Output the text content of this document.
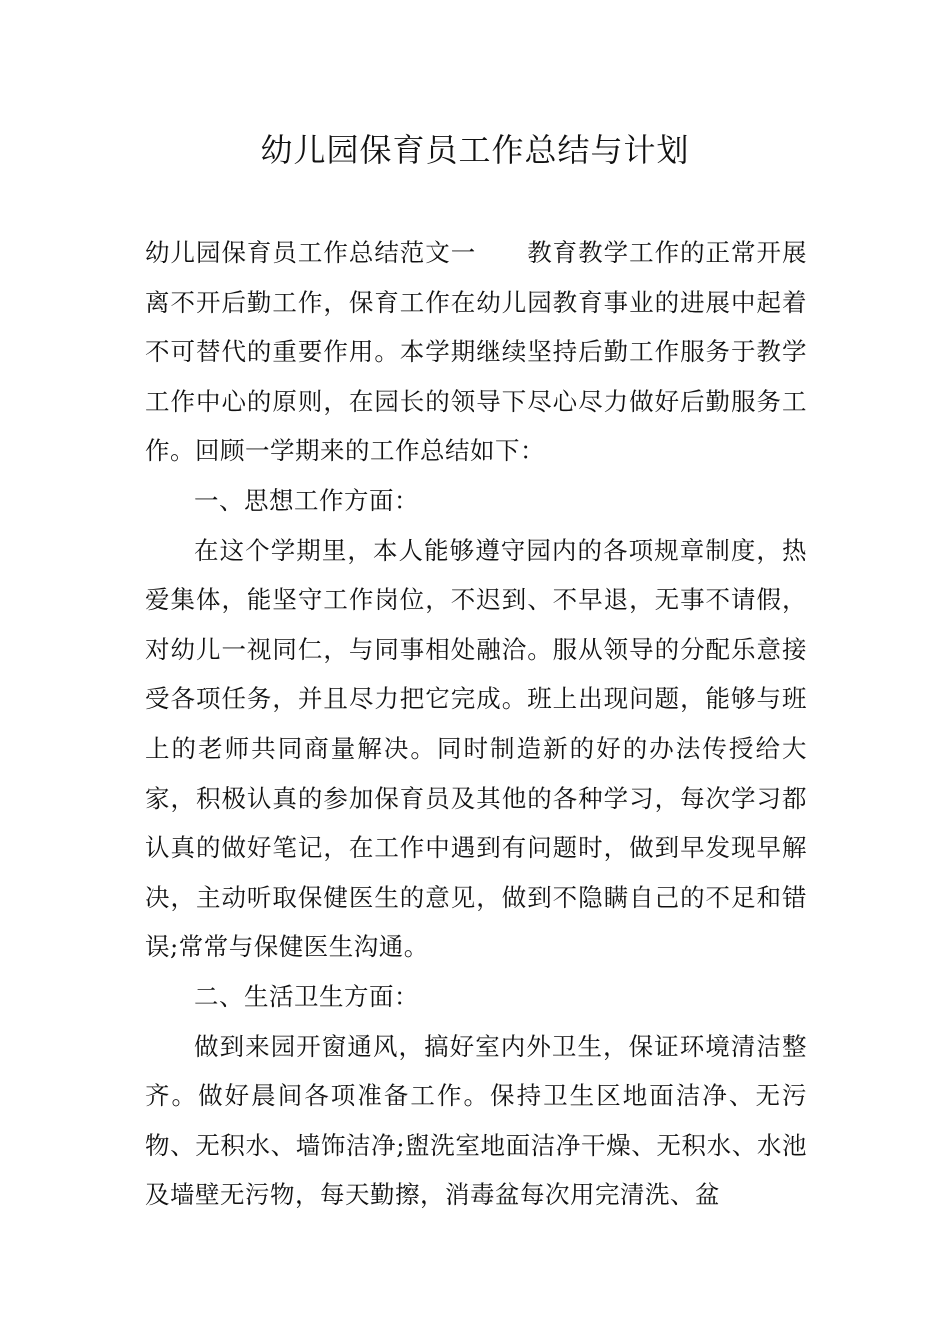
幼儿园保育员工作总结与计划

幼儿园保育员工作总结范文一　　教育教学工作的正常开展离不开后勤工作，保育工作在幼儿园教育事业的进展中起着不可替代的重要作用。本学期继续坚持后勤工作服务于教学工作中心的原则，在园长的领导下尽心尽力做好后勤服务工作。回顾一学期来的工作总结如下：

一、思想工作方面：

在这个学期里，本人能够遵守园内的各项规章制度，热爱集体，能坚守工作岗位，不迟到、不早退，无事不请假，对幼儿一视同仁，与同事相处融洽。服从领导的分配乐意接受各项任务，并且尽力把它完成。班上出现问题，能够与班上的老师共同商量解决。同时制造新的好的办法传授给大家，积极认真的参加保育员及其他的各种学习，每次学习都认真的做好笔记，在工作中遇到有问题时，做到早发现早解决，主动听取保健医生的意见，做到不隐瞒自己的不足和错误;常常与保健医生沟通。

二、生活卫生方面：

做到来园开窗通风，搞好室内外卫生，保证环境清洁整齐。做好晨间各项准备工作。保持卫生区地面洁净、无污物、无积水、墙饰洁净;盥洗室地面洁净干燥、无积水、水池及墙壁无污物，每天勤擦，消毒盆每次用完清洗、盆
